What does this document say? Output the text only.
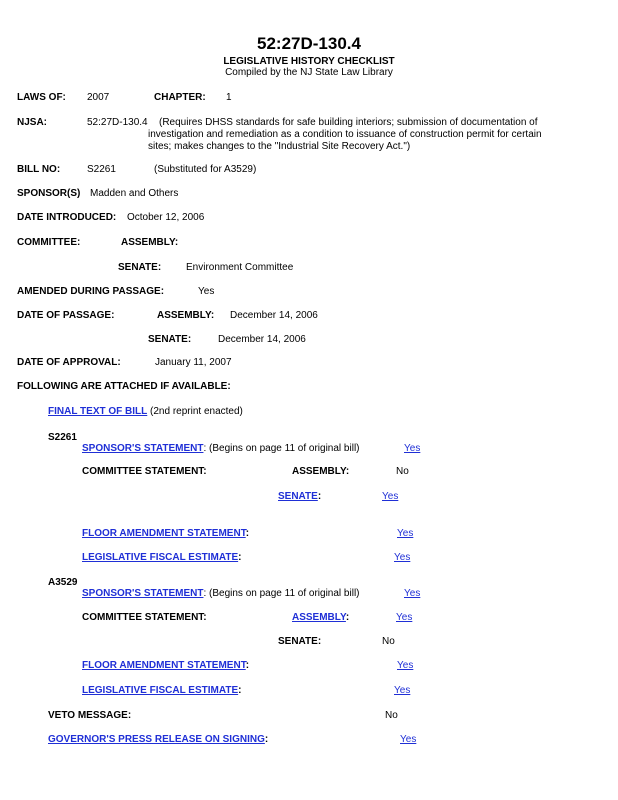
52:27D-130.4
LEGISLATIVE HISTORY CHECKLIST
Compiled by the NJ State Law Library
LAWS OF: 2007	CHAPTER: 1
NJSA:	52:27D-130.4 (Requires DHSS standards for safe building interiors; submission of documentation of
investigation and remediation as a condition to issuance of construction permit for certain
sites; makes changes to the "Industrial Site Recovery Act.")
BILL NO:	S2261	(Substituted for A3529)
SPONSOR(S) Madden and Others
DATE INTRODUCED: October 12, 2006
COMMITTEE:	ASSEMBLY:
SENATE: Environment Committee
AMENDED DURING PASSAGE:	Yes
DATE OF PASSAGE:	ASSEMBLY: December 14, 2006
SENATE:	December 14, 2006
DATE OF APPROVAL:	January 11, 2007
FOLLOWING ARE ATTACHED IF AVAILABLE:
FINAL TEXT OF BILL (2nd reprint enacted)
S2261
SPONSOR'S STATEMENT: (Begins on page 11 of original bill)	Yes
COMMITTEE STATEMENT:	ASSEMBLY:	No
SENATE:	Yes
FLOOR AMENDMENT STATEMENT:	Yes
LEGISLATIVE FISCAL ESTIMATE:	Yes
A3529
SPONSOR'S STATEMENT: (Begins on page 11 of original bill)	Yes
COMMITTEE STATEMENT:	ASSEMBLY:	Yes
SENATE:	No
FLOOR AMENDMENT STATEMENT:	Yes
LEGISLATIVE FISCAL ESTIMATE:	Yes
VETO MESSAGE:	No
GOVERNOR'S PRESS RELEASE ON SIGNING:	Yes
